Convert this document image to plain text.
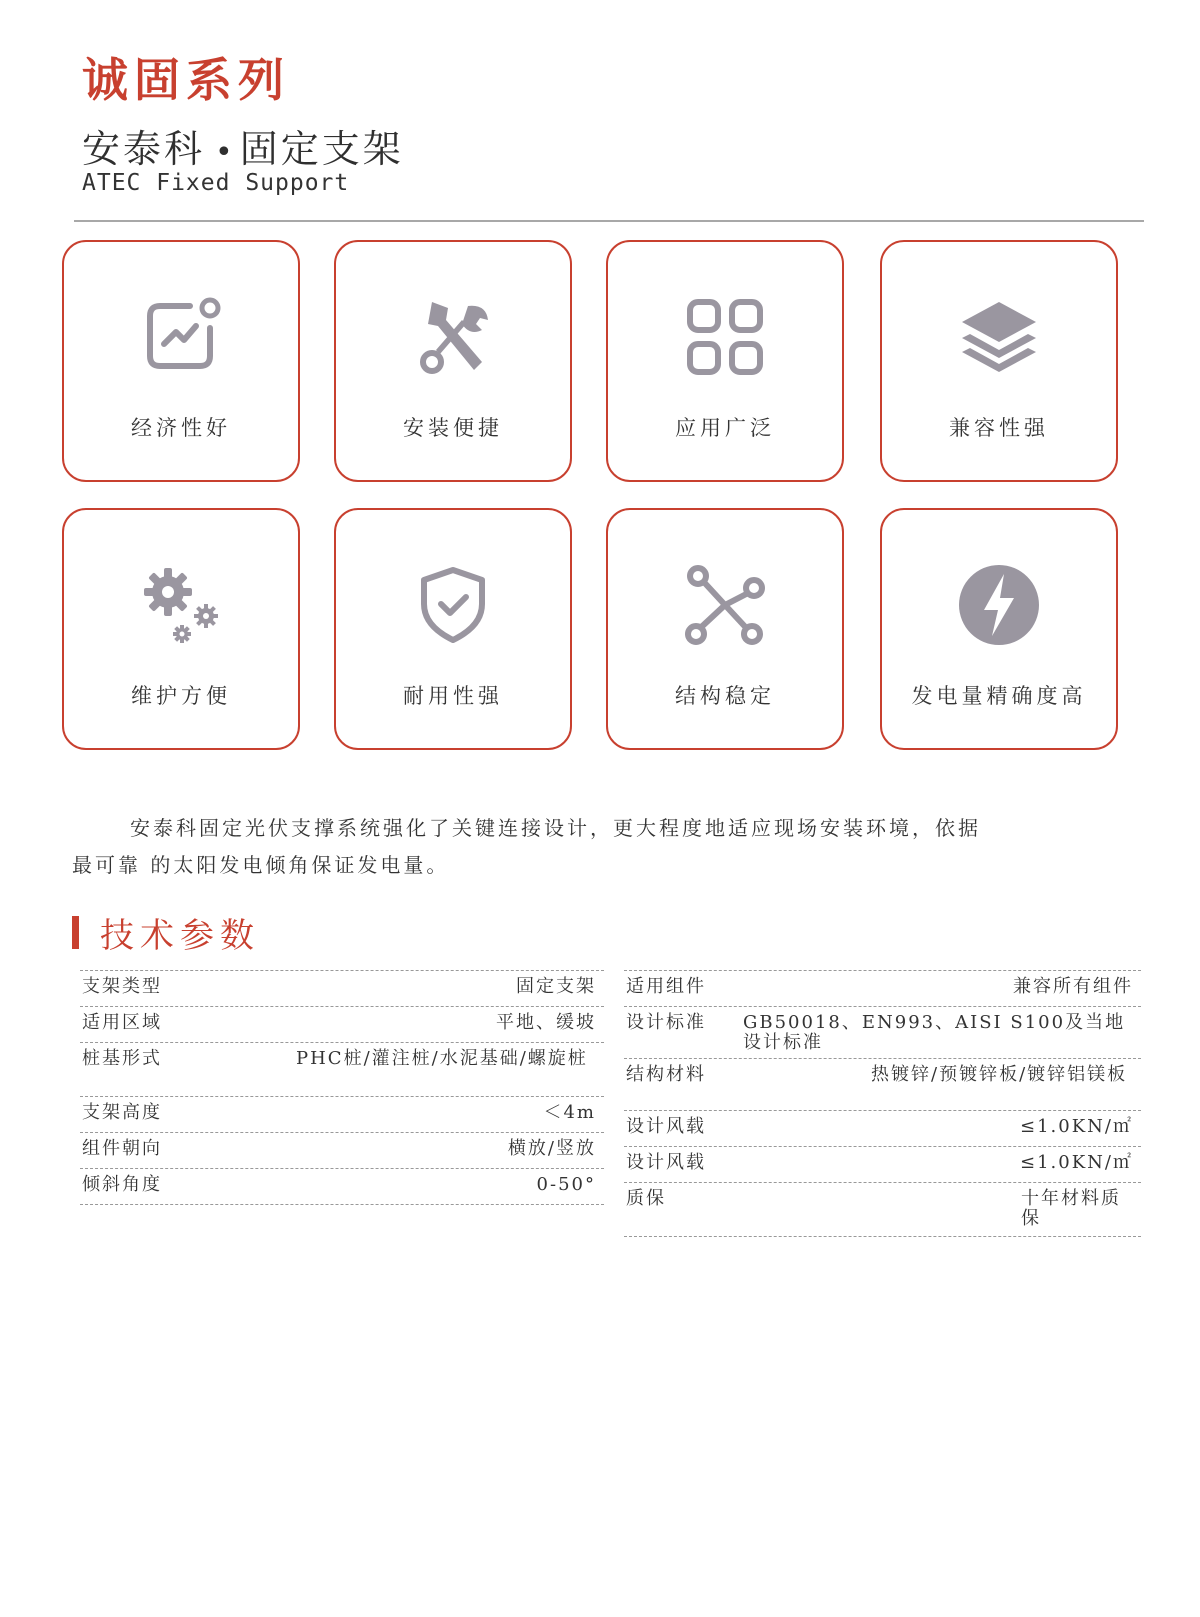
诚固系列
安泰科 • 固定支架
ATEC Fixed Support
经济性好	安装便捷	应用广泛	兼容性强
维护方便	耐用性强	结构稳定	发电量精确度高

安泰科固定光伏支撑系统强化了关键连接设计，更大程度地适应现场安装环境，依据
最可靠 的太阳发电倾角保证发电量。

技术参数
支架类型	固定支架
适用区域	平地、缓坡
桩基形式	PHC桩/灌注桩/水泥基础/螺旋桩
支架高度	＜4m
组件朝向	横放/竖放
倾斜角度	0-50°
适用组件	兼容所有组件
设计标准 GB50018、EN993、AISI S100及当地设计标准
结构材料	热镀锌/预镀锌板/镀锌铝镁板
设计风载	≤1.0KN/㎡
设计风载	≤1.0KN/㎡
质保	十年材料质保
